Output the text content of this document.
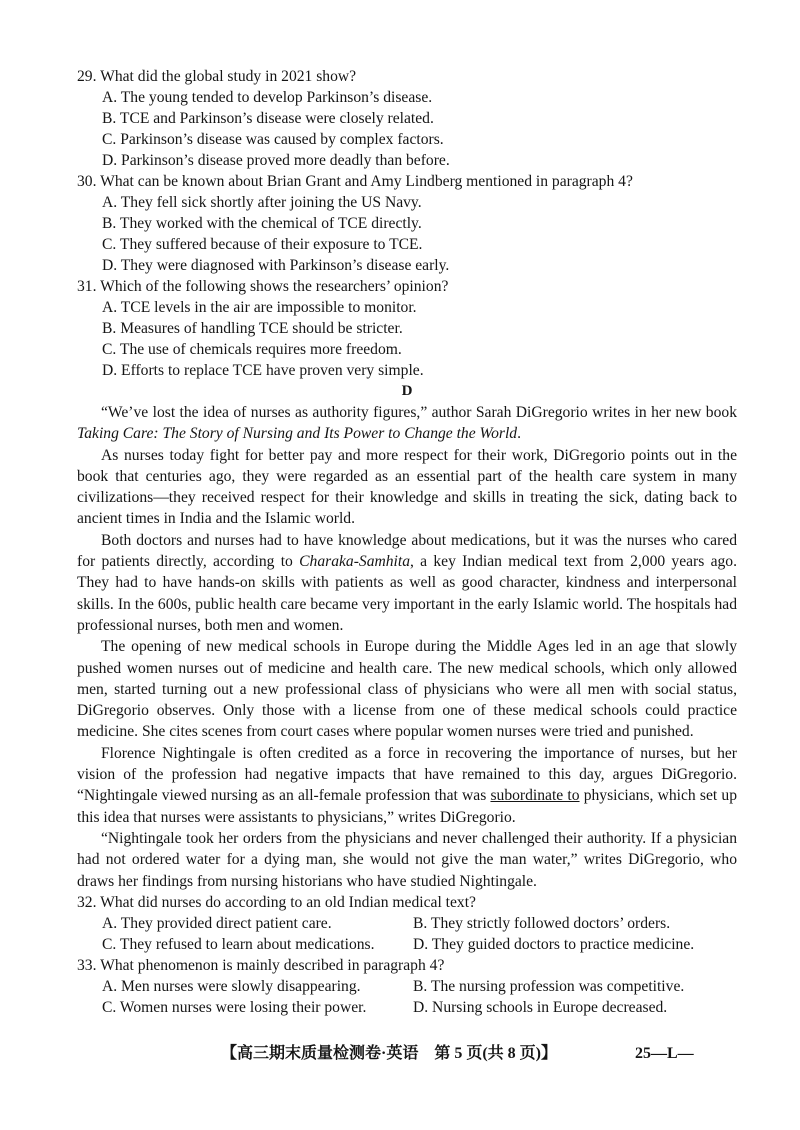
29. What did the global study in 2021 show?
A. The young tended to develop Parkinson’s disease.
B. TCE and Parkinson’s disease were closely related.
C. Parkinson’s disease was caused by complex factors.
D. Parkinson’s disease proved more deadly than before.
30. What can be known about Brian Grant and Amy Lindberg mentioned in paragraph 4?
A. They fell sick shortly after joining the US Navy.
B. They worked with the chemical of TCE directly.
C. They suffered because of their exposure to TCE.
D. They were diagnosed with Parkinson’s disease early.
31. Which of the following shows the researchers’ opinion?
A. TCE levels in the air are impossible to monitor.
B. Measures of handling TCE should be stricter.
C. The use of chemicals requires more freedom.
D. Efforts to replace TCE have proven very simple.
D

“We’ve lost the idea of nurses as authority figures,” author Sarah DiGregorio writes in her new book Taking Care: The Story of Nursing and Its Power to Change the World.

As nurses today fight for better pay and more respect for their work, DiGregorio points out in the book that centuries ago, they were regarded as an essential part of the health care system in many civilizations—they received respect for their knowledge and skills in treating the sick, dating back to ancient times in India and the Islamic world.

Both doctors and nurses had to have knowledge about medications, but it was the nurses who cared for patients directly, according to Charaka-Samhita, a key Indian medical text from 2,000 years ago. They had to have hands-on skills with patients as well as good character, kindness and interpersonal skills. In the 600s, public health care became very important in the early Islamic world. The hospitals had professional nurses, both men and women.

The opening of new medical schools in Europe during the Middle Ages led in an age that slowly pushed women nurses out of medicine and health care. The new medical schools, which only allowed men, started turning out a new professional class of physicians who were all men with social status, DiGregorio observes. Only those with a license from one of these medical schools could practice medicine. She cites scenes from court cases where popular women nurses were tried and punished.

Florence Nightingale is often credited as a force in recovering the importance of nurses, but her vision of the profession had negative impacts that have remained to this day, argues DiGregorio. “Nightingale viewed nursing as an all-female profession that was subordinate to physicians, which set up this idea that nurses were assistants to physicians,” writes DiGregorio.

“Nightingale took her orders from the physicians and never challenged their authority. If a physician had not ordered water for a dying man, she would not give the man water,” writes DiGregorio, who draws her findings from nursing historians who have studied Nightingale.

32. What did nurses do according to an old Indian medical text?
A. They provided direct patient care.	B. They strictly followed doctors’ orders.
C. They refused to learn about medications.	D. They guided doctors to practice medicine.
33. What phenomenon is mainly described in paragraph 4?
A. Men nurses were slowly disappearing.	B. The nursing profession was competitive.
C. Women nurses were losing their power.	D. Nursing schools in Europe decreased.
【高三期末质量检测卷·英语　第 5 页(共 8 页)】	25—L—
